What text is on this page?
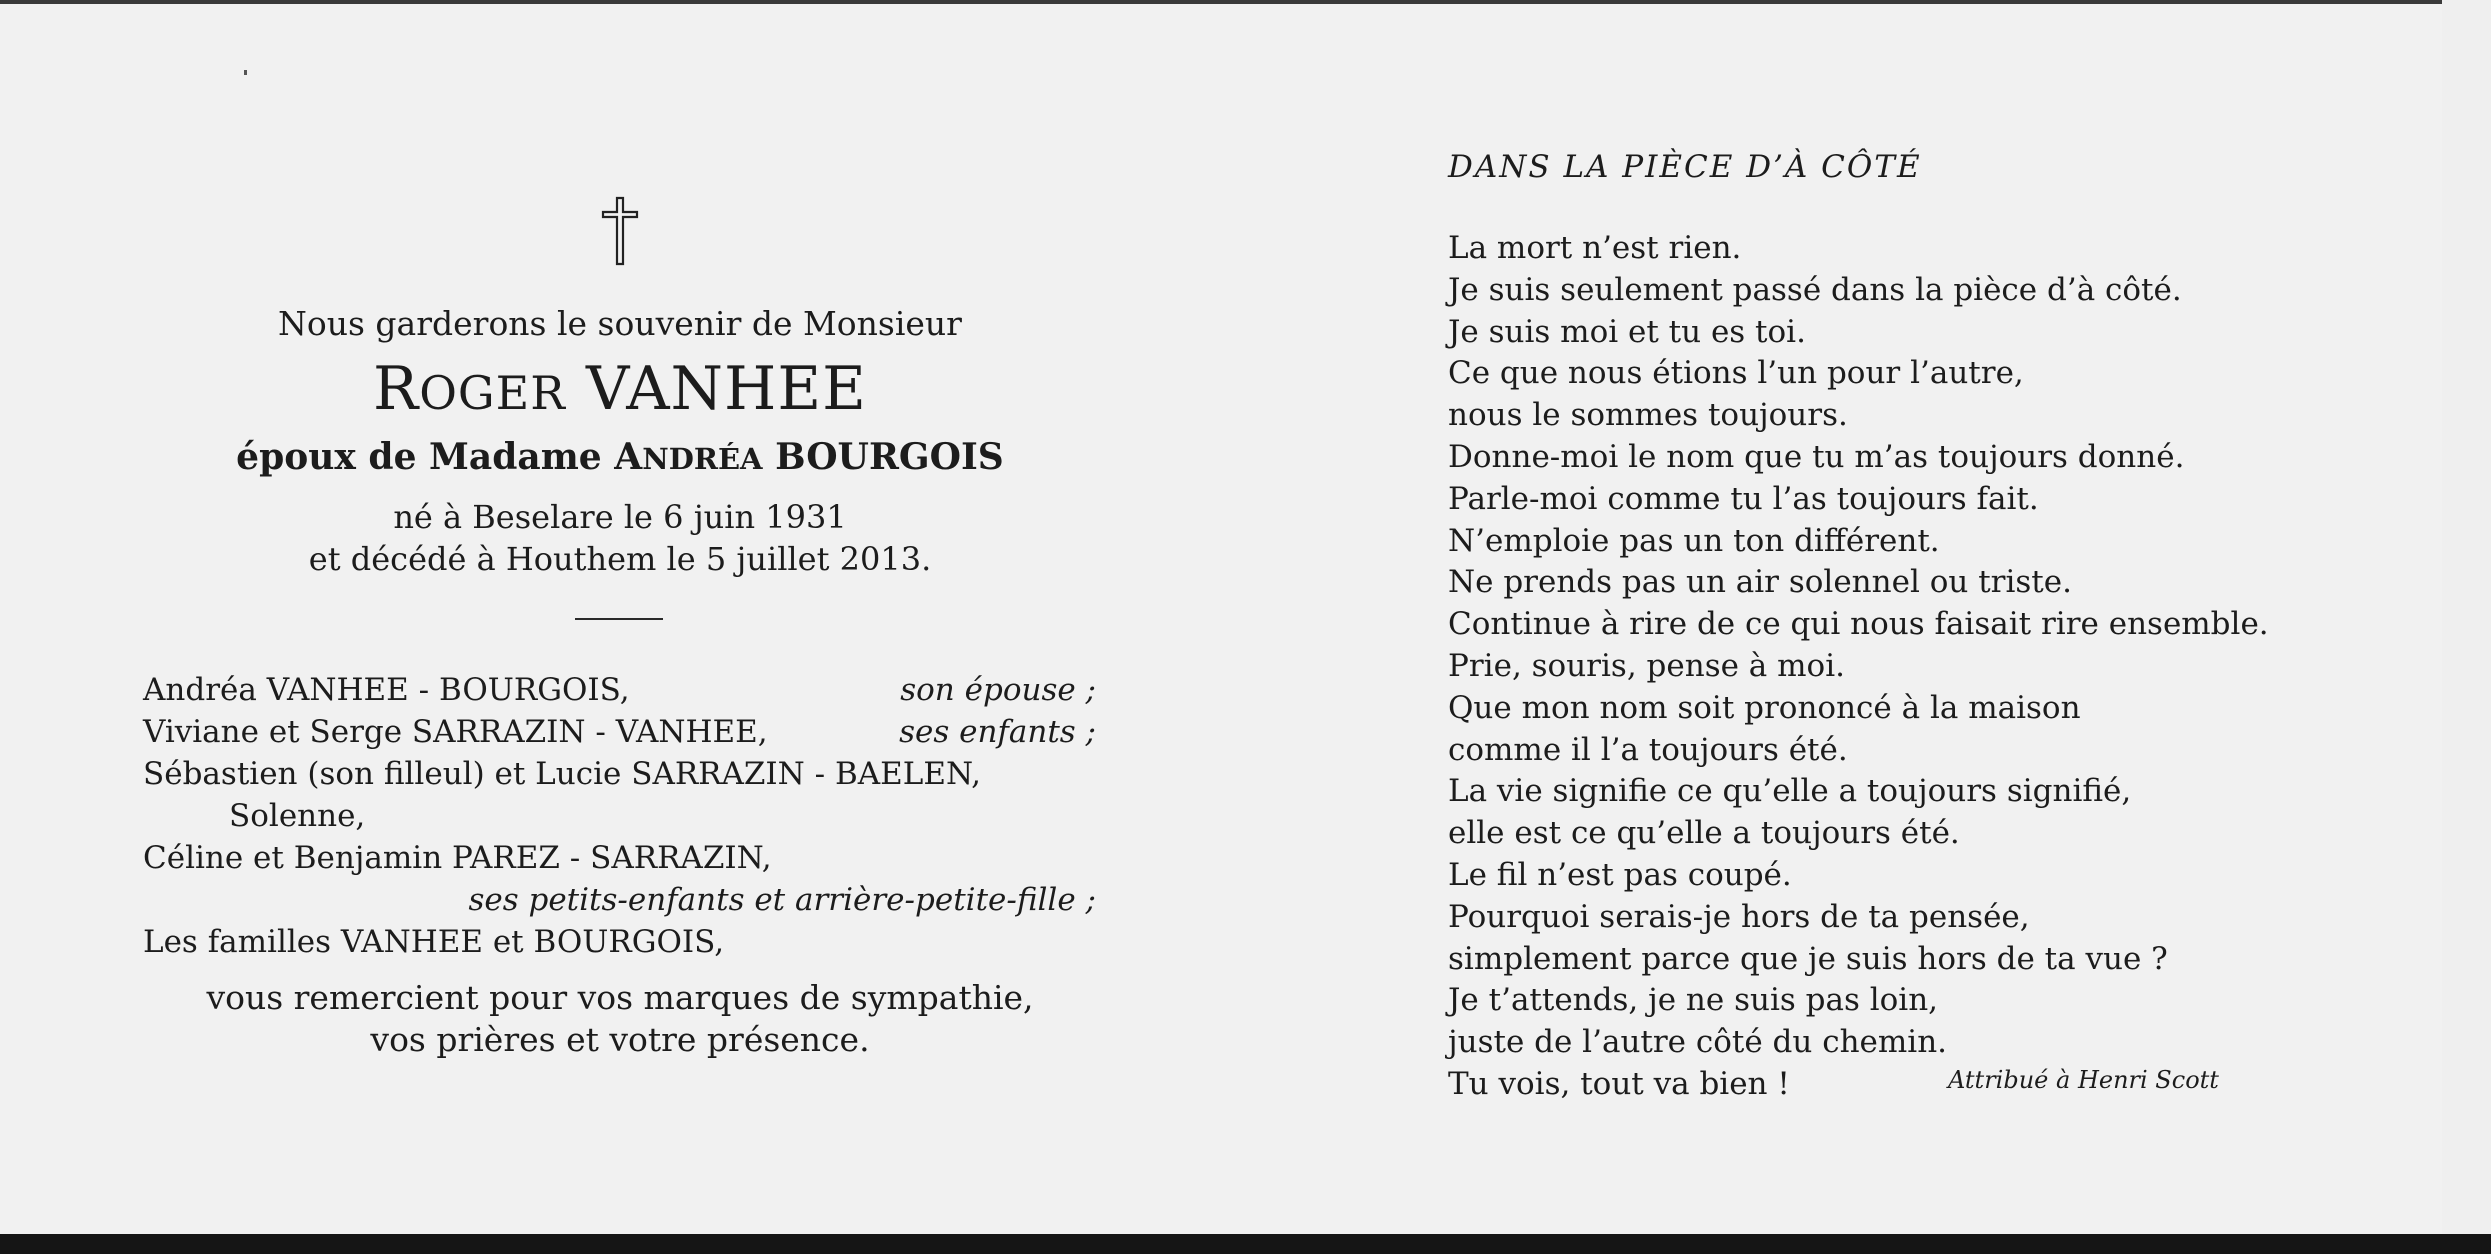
Nous garderons le souvenir de Monsieur
ROGER VANHEE
époux de Madame ANDRÉA BOURGOIS
né à Beselare le 6 juin 1931
et décédé à Houthem le 5 juillet 2013.
Andréa VANHEE - BOURGOIS,	son épouse ;
Viviane et Serge SARRAZIN - VANHEE,	ses enfants ;
Sébastien (son filleul) et Lucie SARRAZIN - BAELEN,
Solenne,
Céline et Benjamin PAREZ - SARRAZIN,
ses petits-enfants et arrière-petite-fille ;
Les familles VANHEE et BOURGOIS,
vous remercient pour vos marques de sympathie,
vos prières et votre présence.
DANS LA PIÈCE D’À CÔTÉ
La mort n’est rien.
Je suis seulement passé dans la pièce d’à côté.
Je suis moi et tu es toi.
Ce que nous étions l’un pour l’autre,
nous le sommes toujours.
Donne-moi le nom que tu m’as toujours donné.
Parle-moi comme tu l’as toujours fait.
N’emploie pas un ton différent.
Ne prends pas un air solennel ou triste.
Continue à rire de ce qui nous faisait rire ensemble.
Prie, souris, pense à moi.
Que mon nom soit prononcé à la maison
comme il l’a toujours été.
La vie signifie ce qu’elle a toujours signifié,
elle est ce qu’elle a toujours été.
Le fil n’est pas coupé.
Pourquoi serais-je hors de ta pensée,
simplement parce que je suis hors de ta vue ?
Je t’attends, je ne suis pas loin,
juste de l’autre côté du chemin.
Tu vois, tout va bien !	Attribué à Henri Scott
